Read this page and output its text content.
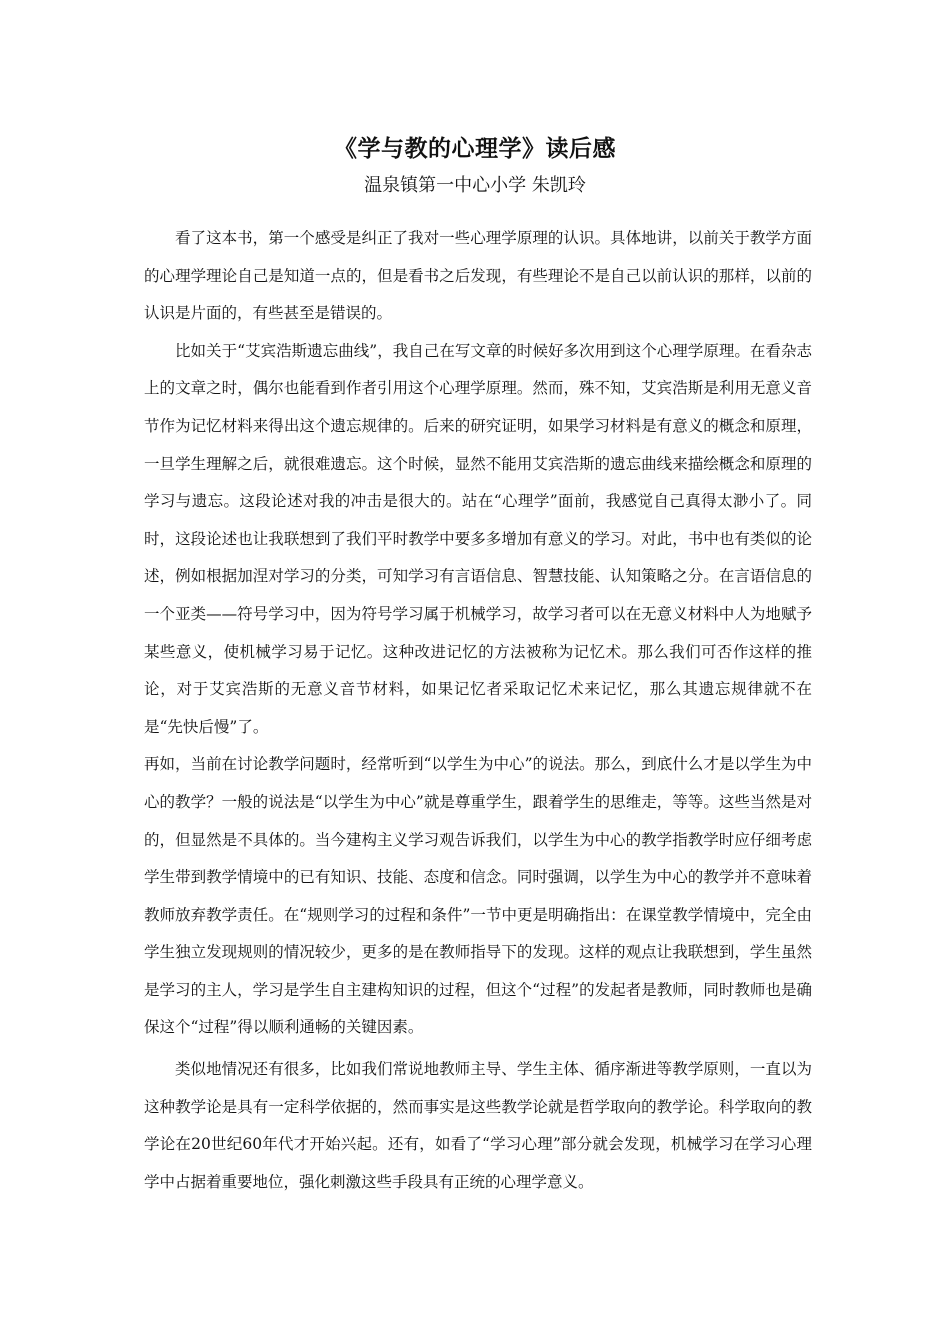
《学与教的心理学》读后感
温泉镇第一中心小学 朱凯玲

看了这本书，第一个感受是纠正了我对一些心理学原理的认识。具体地讲，以前关于教学方面的心理学理论自己是知道一点的，但是看书之后发现，有些理论不是自己以前认识的那样，以前的认识是片面的，有些甚至是错误的。

比如关于“艾宾浩斯遗忘曲线”，我自己在写文章的时候好多次用到这个心理学原理。在看杂志上的文章之时，偶尔也能看到作者引用这个心理学原理。然而，殊不知，艾宾浩斯是利用无意义音节作为记忆材料来得出这个遗忘规律的。后来的研究证明，如果学习材料是有意义的概念和原理，一旦学生理解之后，就很难遗忘。这个时候，显然不能用艾宾浩斯的遗忘曲线来描绘概念和原理的学习与遗忘。这段论述对我的冲击是很大的。站在“心理学”面前，我感觉自己真得太渺小了。同时，这段论述也让我联想到了我们平时教学中要多多增加有意义的学习。对此，书中也有类似的论述，例如根据加涅对学习的分类，可知学习有言语信息、智慧技能、认知策略之分。在言语信息的一个亚类——符号学习中，因为符号学习属于机械学习，故学习者可以在无意义材料中人为地赋予某些意义，使机械学习易于记忆。这种改进记忆的方法被称为记忆术。那么我们可否作这样的推论，对于艾宾浩斯的无意义音节材料，如果记忆者采取记忆术来记忆，那么其遗忘规律就不在是“先快后慢”了。

再如，当前在讨论教学问题时，经常听到“以学生为中心”的说法。那么，到底什么才是以学生为中心的教学？一般的说法是“以学生为中心”就是尊重学生，跟着学生的思维走，等等。这些当然是对的，但显然是不具体的。当今建构主义学习观告诉我们，以学生为中心的教学指教学时应仔细考虑学生带到教学情境中的已有知识、技能、态度和信念。同时强调，以学生为中心的教学并不意味着教师放弃教学责任。在“规则学习的过程和条件”一节中更是明确指出：在课堂教学情境中，完全由学生独立发现规则的情况较少，更多的是在教师指导下的发现。这样的观点让我联想到，学生虽然是学习的主人，学习是学生自主建构知识的过程，但这个“过程”的发起者是教师，同时教师也是确保这个“过程”得以顺利通畅的关键因素。

类似地情况还有很多，比如我们常说地教师主导、学生主体、循序渐进等教学原则，一直以为这种教学论是具有一定科学依据的，然而事实是这些教学论就是哲学取向的教学论。科学取向的教学论在20世纪60年代才开始兴起。还有，如看了“学习心理”部分就会发现，机械学习在学习心理学中占据着重要地位，强化刺激这些手段具有正统的心理学意义。
